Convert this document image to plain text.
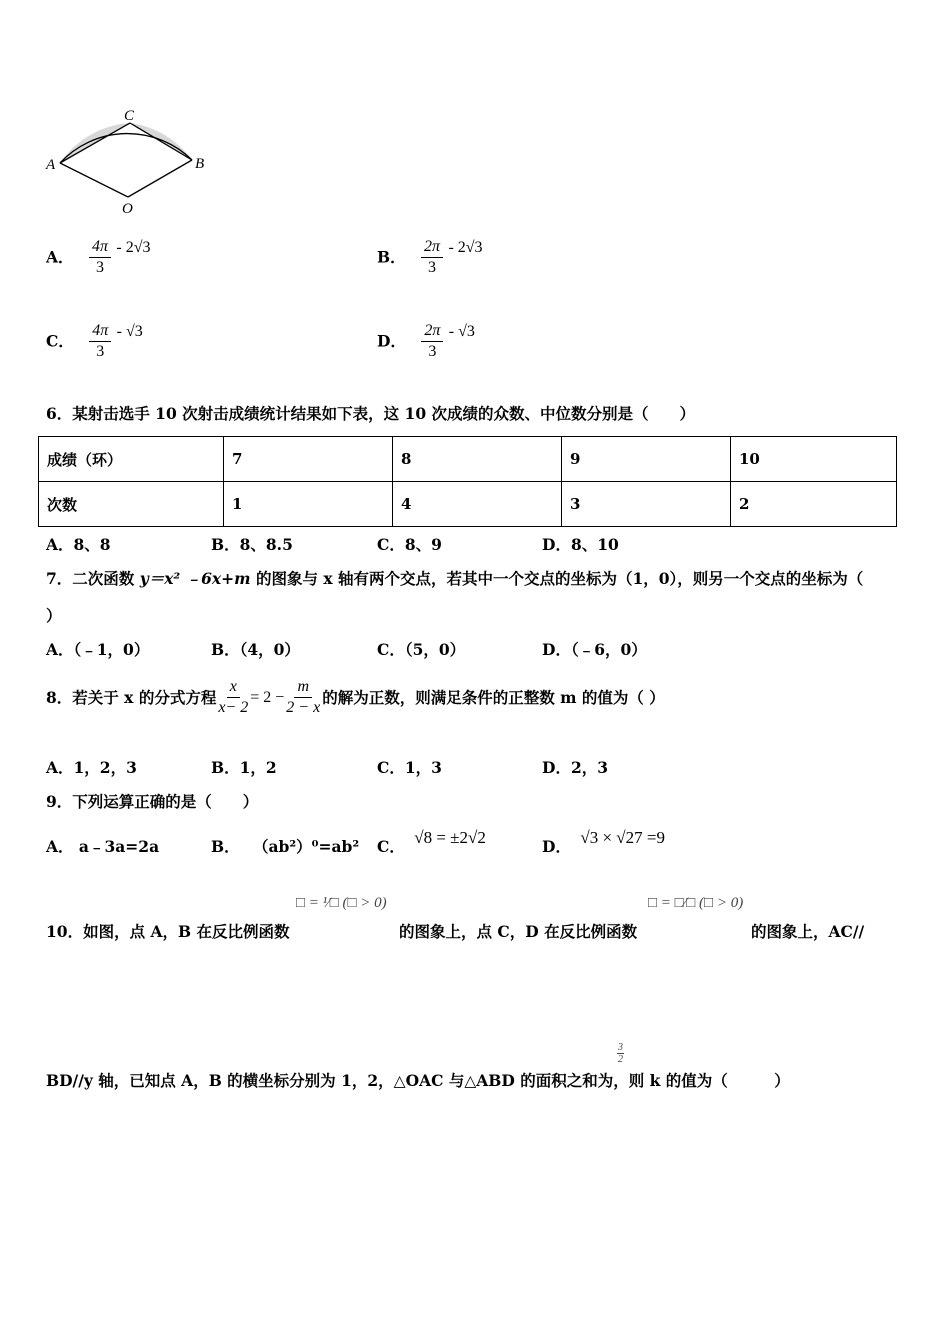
C
A	B
O
A． $\frac{4\pi}{3} - 2√3$
B． $\frac{2\pi}{3} - 2√3$
C． $\frac{4\pi}{3} - √3$
D． $\frac{2\pi}{3} - √3$
6．某射击选手 10 次射击成绩统计结果如下表，这 10 次成绩的众数、中位数分别是（　　）
成绩（环）	7	8	9	10
次数	1	4	3	2
A．8、8	B．8、8.5	C．8、9	D．8、10
7．二次函数 y＝x² ﹣6x+m 的图象与 x 轴有两个交点，若其中一个交点的坐标为（1，0），则另一个交点的坐标为（
）
A．（﹣1，0）	B．（4，0）	C．（5，0）	D．（﹣6，0）
8．若关于 x 的分式方程 $\frac{x}{x- 2} = 2 - \frac{m}{2 - x}$ 的解为正数，则满足条件的正整数 m 的值为（ ）
A．1，2，3	B．1，2	C．1，3	D．2，3
9．下列运算正确的是（　　）
A． a﹣3a=2a	B． （ab²）⁰=ab² C． √8 = ±2√2	D． √3 × √27 =9
□ = ¹⁄□ (□ > 0)	□ = □⁄□ (□ > 0)
10．如图，点 A，B 在反比例函数	的图象上，点 C，D 在反比例函数	的图象上，AC//
$\frac{3}{2}$
BD//y 轴，已知点 A，B 的横坐标分别为 1，2，△OAC 与△ABD 的面积之和为，则 k 的值为（　　　）
